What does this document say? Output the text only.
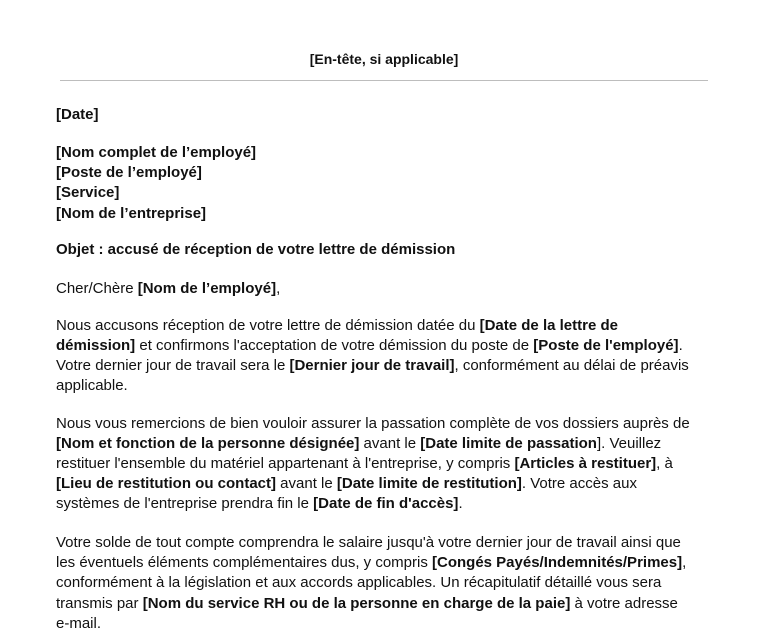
[En-tête, si applicable]
[Date]
[Nom complet de l’employé]
[Poste de l’employé]
[Service]
[Nom de l’entreprise]
Objet : accusé de réception de votre lettre de démission
Cher/Chère [Nom de l’employé],
Nous accusons réception de votre lettre de démission datée du [Date de la lettre de
démission] et confirmons l'acceptation de votre démission du poste de [Poste de l'employé].
Votre dernier jour de travail sera le [Dernier jour de travail], conformément au délai de préavis
applicable.
Nous vous remercions de bien vouloir assurer la passation complète de vos dossiers auprès de
[Nom et fonction de la personne désignée] avant le [Date limite de passation]. Veuillez
restituer l'ensemble du matériel appartenant à l'entreprise, y compris [Articles à restituer], à
[Lieu de restitution ou contact] avant le [Date limite de restitution]. Votre accès aux
systèmes de l'entreprise prendra fin le [Date de fin d'accès].
Votre solde de tout compte comprendra le salaire jusqu'à votre dernier jour de travail ainsi que
les éventuels éléments complémentaires dus, y compris [Congés Payés/Indemnités/Primes],
conformément à la législation et aux accords applicables. Un récapitulatif détaillé vous sera
transmis par [Nom du service RH ou de la personne en charge de la paie] à votre adresse
e-mail.
